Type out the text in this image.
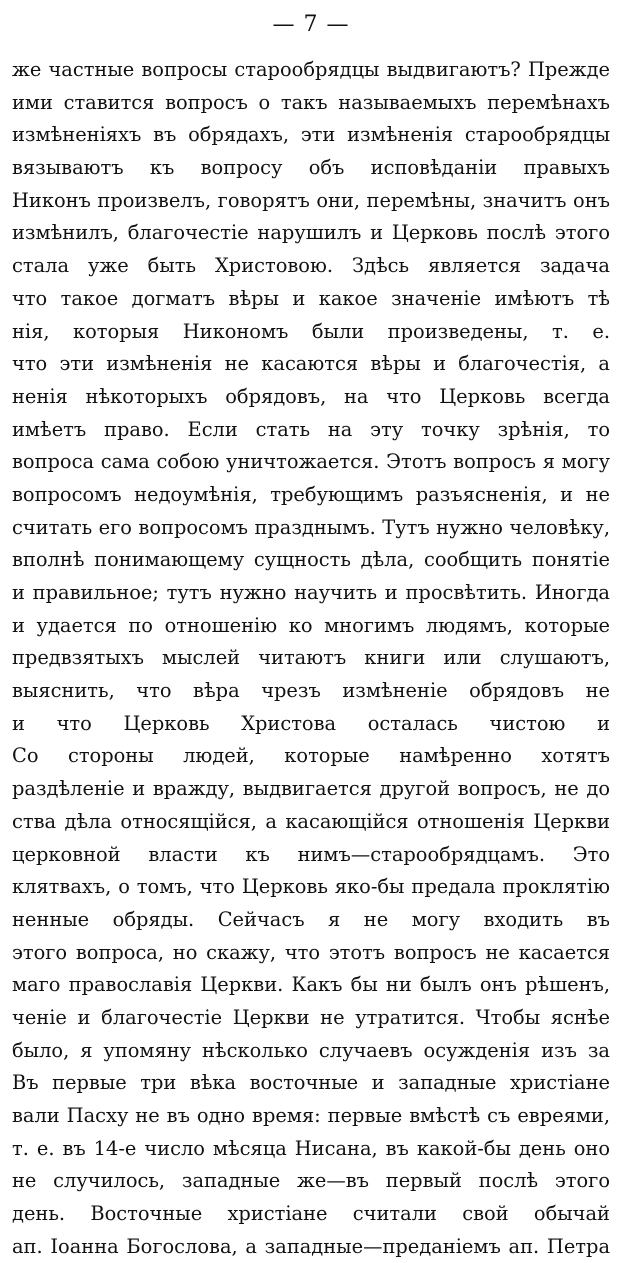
— 7 —
же частные вопросы старообрядцы выдвигаютъ? Прежде
ими ставится вопросъ о такъ называемыхъ перемѣнахъ
измѣненіяхъ въ обрядахъ, эти измѣненія старообрядцы
вязываютъ къ вопросу объ исповѣданіи правыхъ
Никонъ произвелъ, говорятъ они, перемѣны, значитъ онъ
измѣнилъ, благочестіе нарушилъ и Церковь послѣ этого
стала уже быть Христовою. Здѣсь является задача
что такое догматъ вѣры и какое значеніе имѣютъ тѣ
нія, которыя Никономъ были произведены, т. е.
что эти измѣненія не касаются вѣры и благочестія, а
ненія нѣкоторыхъ обрядовъ, на что Церковь всегда
имѣетъ право. Если стать на эту точку зрѣнія, то
вопроса сама собою уничтожается. Этотъ вопросъ я могу
вопросомъ недоумѣнія, требующимъ разъясненія, и не
считать его вопросомъ празднымъ. Тутъ нужно человѣку,
вполнѣ понимающему сущность дѣла, сообщить понятіе
и правильное; тутъ нужно научить и просвѣтить. Иногда
и удается по отношенію ко многимъ людямъ, которые
предвзятыхъ мыслей читаютъ книги или слушаютъ,
выяснить, что вѣра чрезъ измѣненіе обрядовъ не
и что Церковь Христова осталась чистою и
Со стороны людей, которые намѣренно хотятъ
раздѣленіе и вражду, выдвигается другой вопросъ, не до
ства дѣла относящійся, а касающійся отношенія Церкви
церковной власти къ нимъ—старообрядцамъ. Это
клятвахъ, о томъ, что Церковь яко-бы предала проклятію
ненные обряды. Сейчасъ я не могу входить въ
этого вопроса, но скажу, что этотъ вопросъ не касается
маго православія Церкви. Какъ бы ни былъ онъ рѣшенъ,
ченіе и благочестіе Церкви не утратится. Чтобы яснѣе
было, я упомяну нѣсколько случаевъ осужденія изъ за
Въ первые три вѣка восточные и западные христіане
вали Пасху не въ одно время: первые вмѣстѣ съ евреями,
т. е. въ 14-е число мѣсяца Нисана, въ какой-бы день оно
не случилось, западные же—въ первый послѣ этого
день. Восточные христіане считали свой обычай
ап. Іоанна Богослова, а западные—преданіемъ ап. Петра
